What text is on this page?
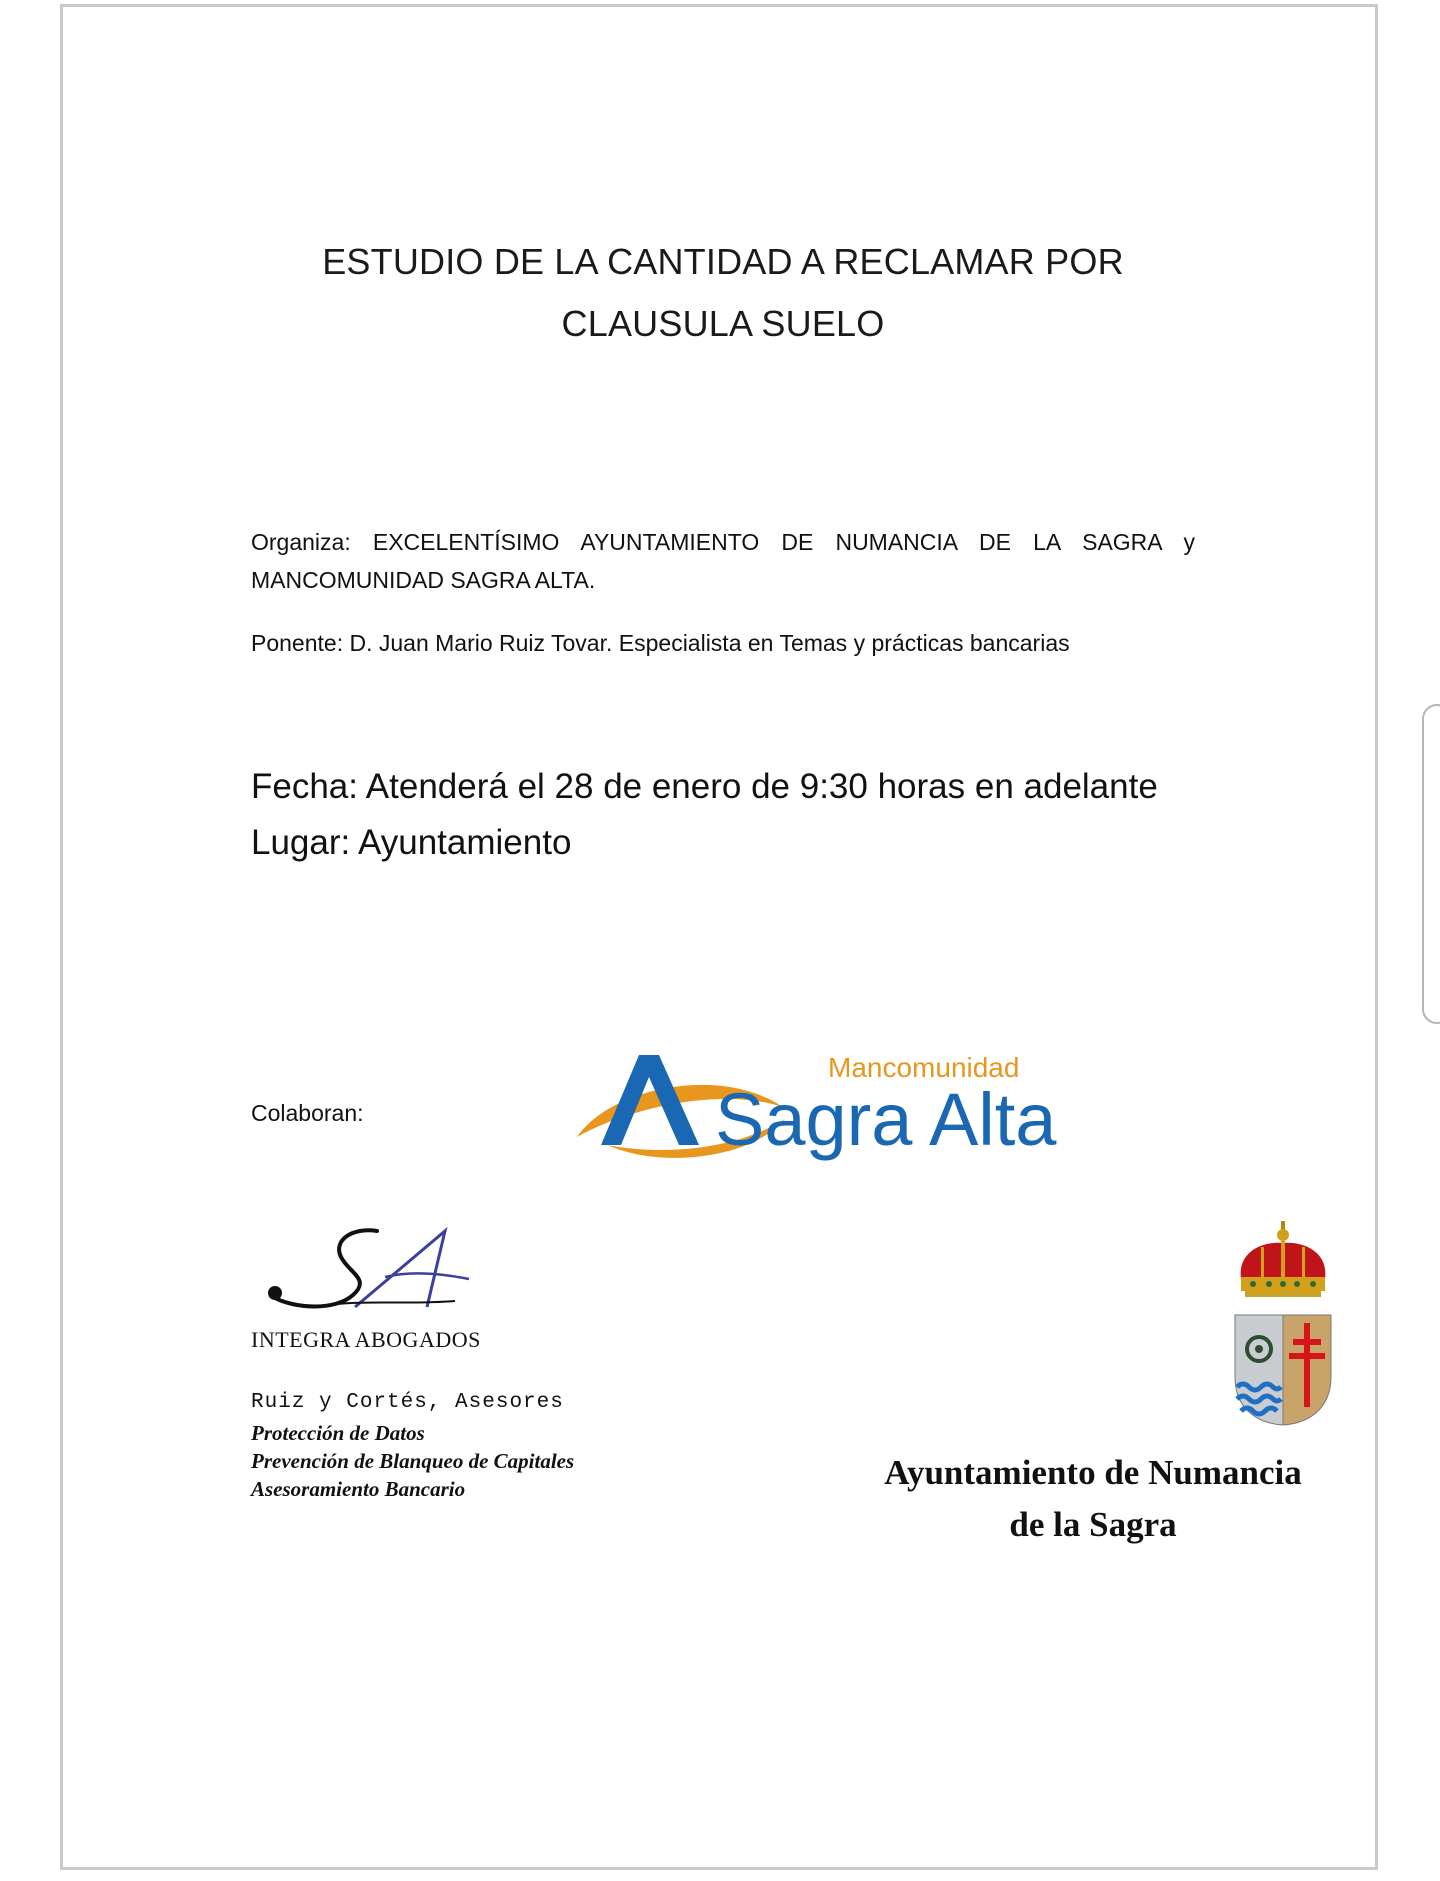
ESTUDIO DE LA CANTIDAD A RECLAMAR POR
CLAUSULA SUELO
Organiza: EXCELENTÍSIMO AYUNTAMIENTO DE NUMANCIA DE LA SAGRA y
MANCOMUNIDAD SAGRA ALTA.
Ponente: D. Juan Mario Ruiz Tovar. Especialista en Temas y prácticas bancarias
Fecha: Atenderá el 28 de enero de 9:30 horas en adelante
Lugar: Ayuntamiento
Colaboran:
Mancomunidad
Sagra Alta
INTEGRA ABOGADOS
Ruiz y Cortés, Asesores
Protección de Datos
Prevención de Blanqueo de Capitales
Asesoramiento Bancario	Ayuntamiento de Numancia
de la Sagra
